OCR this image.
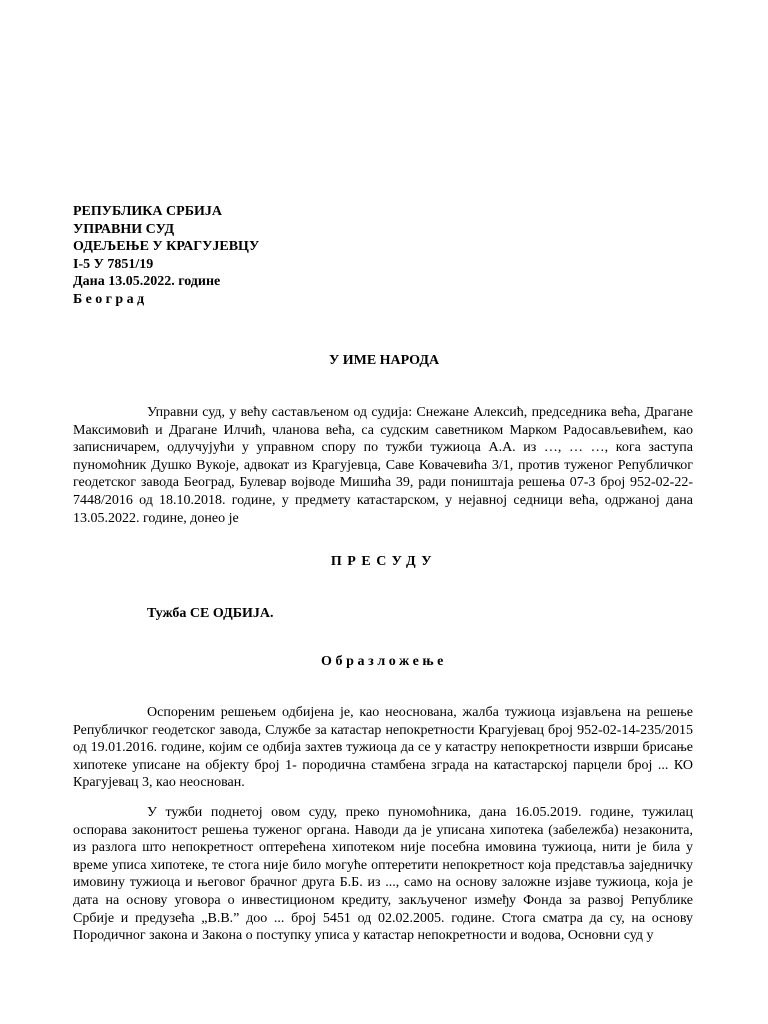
РЕПУБЛИКА СРБИЈА
УПРАВНИ СУД
ОДЕЉЕЊЕ У КРАГУЈЕВЦУ
I-5 У 7851/19
Дана 13.05.2022. године
Београд
У ИМЕ НАРОДА

Управни суд, у већу састављеном од судија: Снежане Алексић, председника већа, Драгане Максимовић и Драгане Илчић, чланова већа, са судским саветником Марком Радосављевићем, као записничарем, одлучујући у управном спору по тужби тужиоца А.А. из …, … …, кога заступа пуномоћник Душко Вукоје, адвокат из Крагујевца, Саве Ковачевића 3/1, против туженог Републичког геодетског завода Београд, Булевар војводе Мишића 39, ради поништаја решења 07-3 број 952-02-22-7448/2016 од 18.10.2018. године, у предмету катастарском, у нејавној седници већа, одржаној дана 13.05.2022. године, донео је

ПРЕСУДУ
Тужба СЕ ОДБИЈА.
Образложење

Оспореним решењем одбијена је, као неоснована, жалба тужиоца изјављена на решење Републичког геодетског завода, Службе за катастар непокретности Крагујевац број 952-02-14-235/2015 од 19.01.2016. године, којим се одбија захтев тужиоца да се у катастру непокретности изврши брисање хипотеке уписане на објекту број 1- породична стамбена зграда на катастарској парцели број ... КО Крагујевац 3, као неоснован.

У тужби поднетој овом суду, преко пуномоћника, дана 16.05.2019. године, тужилац оспорава законитост решења туженог органа. Наводи да је уписана хипотека (забележба) незаконита, из разлога што непокретност оптерећена хипотеком није посебна имовина тужиоца, нити је била у време уписа хипотеке, те стога није било могуће оптеретити непокретност која представља заједничку имовину тужиоца и његовог брачног друга Б.Б. из ..., само на основу заложне изјаве тужиоца, која је дата на основу уговора о инвестиционом кредиту, закљученог између Фонда за развој Републике Србије и предузећа „В.В.” доо ... број 5451 од 02.02.2005. године. Стога сматра да су, на основу Породичног закона и Закона о поступку уписа у катастар непокретности и водова, Основни суд у
